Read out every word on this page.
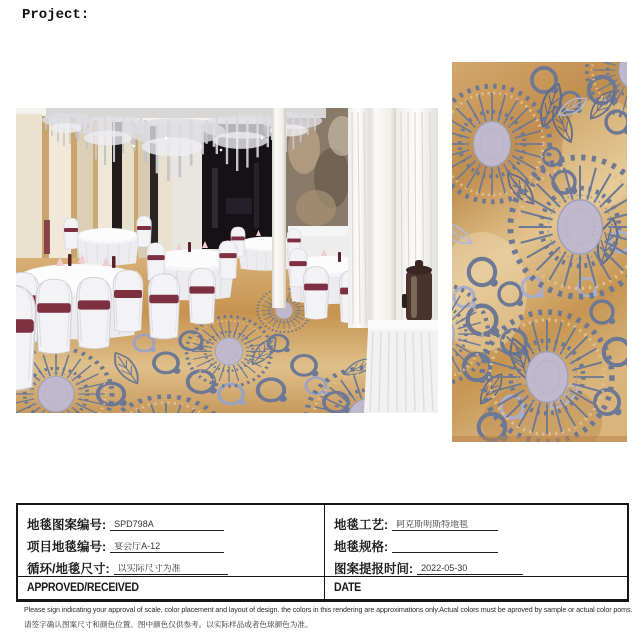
Project:
地毯图案编号: SPD798A
项目地毯编号: 宴会厅A-12
循环/地毯尺寸: 以实际尺寸为准
地毯工艺: 阿克斯明斯特地毯
地毯规格:
图案提报时间: 2022-05-30
APPROVED/RECEIVED	DATE
Please sign indicating your approval of scale, color placement and layout of design. the colors in this rendering are approximations only.Actual colors must be aproved by sample or actual color poms.
请签字确认图案尺寸和颜色位置。图中颜色仅供参考。以实际样品或者色球颜色为准。
